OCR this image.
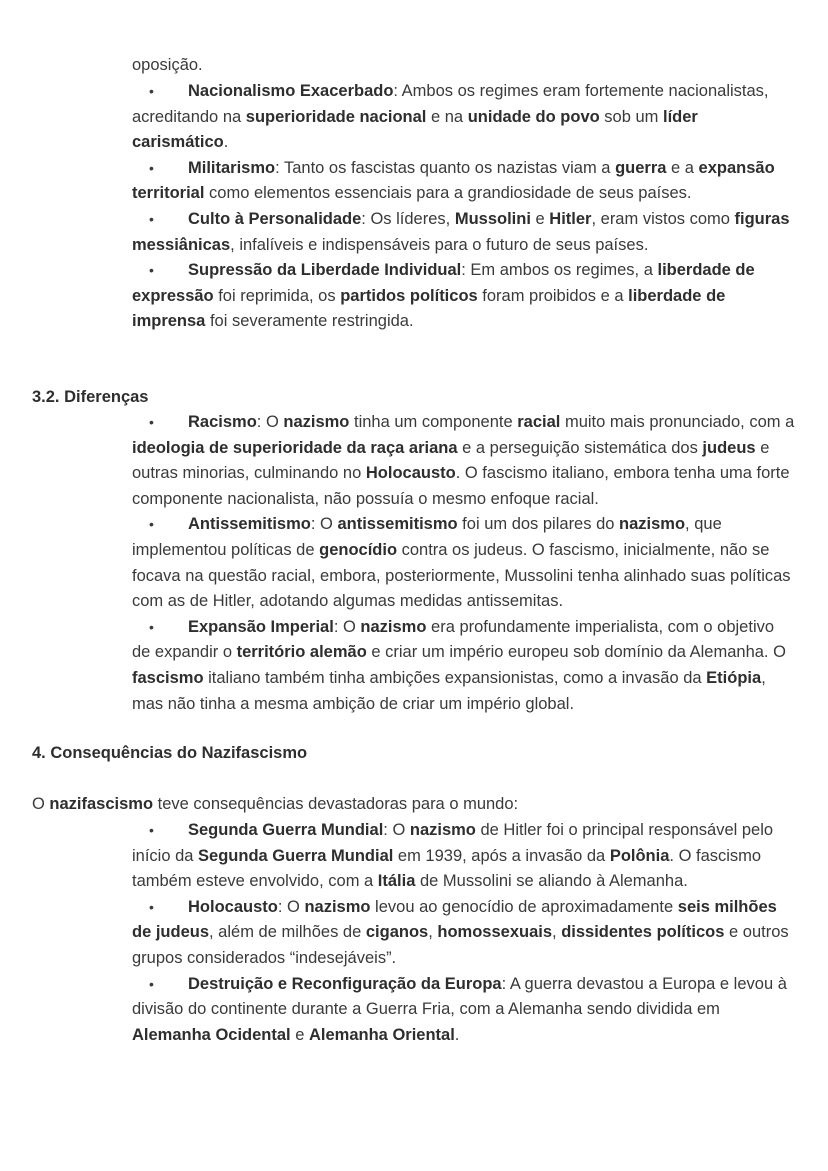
oposição.

• Nacionalismo Exacerbado: Ambos os regimes eram fortemente nacionalistas, acreditando na superioridade nacional e na unidade do povo sob um líder carismático.

• Militarismo: Tanto os fascistas quanto os nazistas viam a guerra e a expansão territorial como elementos essenciais para a grandiosidade de seus países.

• Culto à Personalidade: Os líderes, Mussolini e Hitler, eram vistos como figuras messiânicas, infalíveis e indispensáveis para o futuro de seus países.

• Supressão da Liberdade Individual: Em ambos os regimes, a liberdade de expressão foi reprimida, os partidos políticos foram proibidos e a liberdade de imprensa foi severamente restringida.

3.2. Diferenças

• Racismo: O nazismo tinha um componente racial muito mais pronunciado, com a ideologia de superioridade da raça ariana e a perseguição sistemática dos judeus e outras minorias, culminando no Holocausto. O fascismo italiano, embora tenha uma forte componente nacionalista, não possuía o mesmo enfoque racial.

• Antissemitismo: O antissemitismo foi um dos pilares do nazismo, que implementou políticas de genocídio contra os judeus. O fascismo, inicialmente, não se focava na questão racial, embora, posteriormente, Mussolini tenha alinhado suas políticas com as de Hitler, adotando algumas medidas antissemitas.

• Expansão Imperial: O nazismo era profundamente imperialista, com o objetivo de expandir o território alemão e criar um império europeu sob domínio da Alemanha. O fascismo italiano também tinha ambições expansionistas, como a invasão da Etiópia, mas não tinha a mesma ambição de criar um império global.

4. Consequências do Nazifascismo

O nazifascismo teve consequências devastadoras para o mundo:

• Segunda Guerra Mundial: O nazismo de Hitler foi o principal responsável pelo início da Segunda Guerra Mundial em 1939, após a invasão da Polônia. O fascismo também esteve envolvido, com a Itália de Mussolini se aliando à Alemanha.

• Holocausto: O nazismo levou ao genocídio de aproximadamente seis milhões de judeus, além de milhões de ciganos, homossexuais, dissidentes políticos e outros grupos considerados “indesejáveis”.

• Destruição e Reconfiguração da Europa: A guerra devastou a Europa e levou à divisão do continente durante a Guerra Fria, com a Alemanha sendo dividida em Alemanha Ocidental e Alemanha Oriental.
